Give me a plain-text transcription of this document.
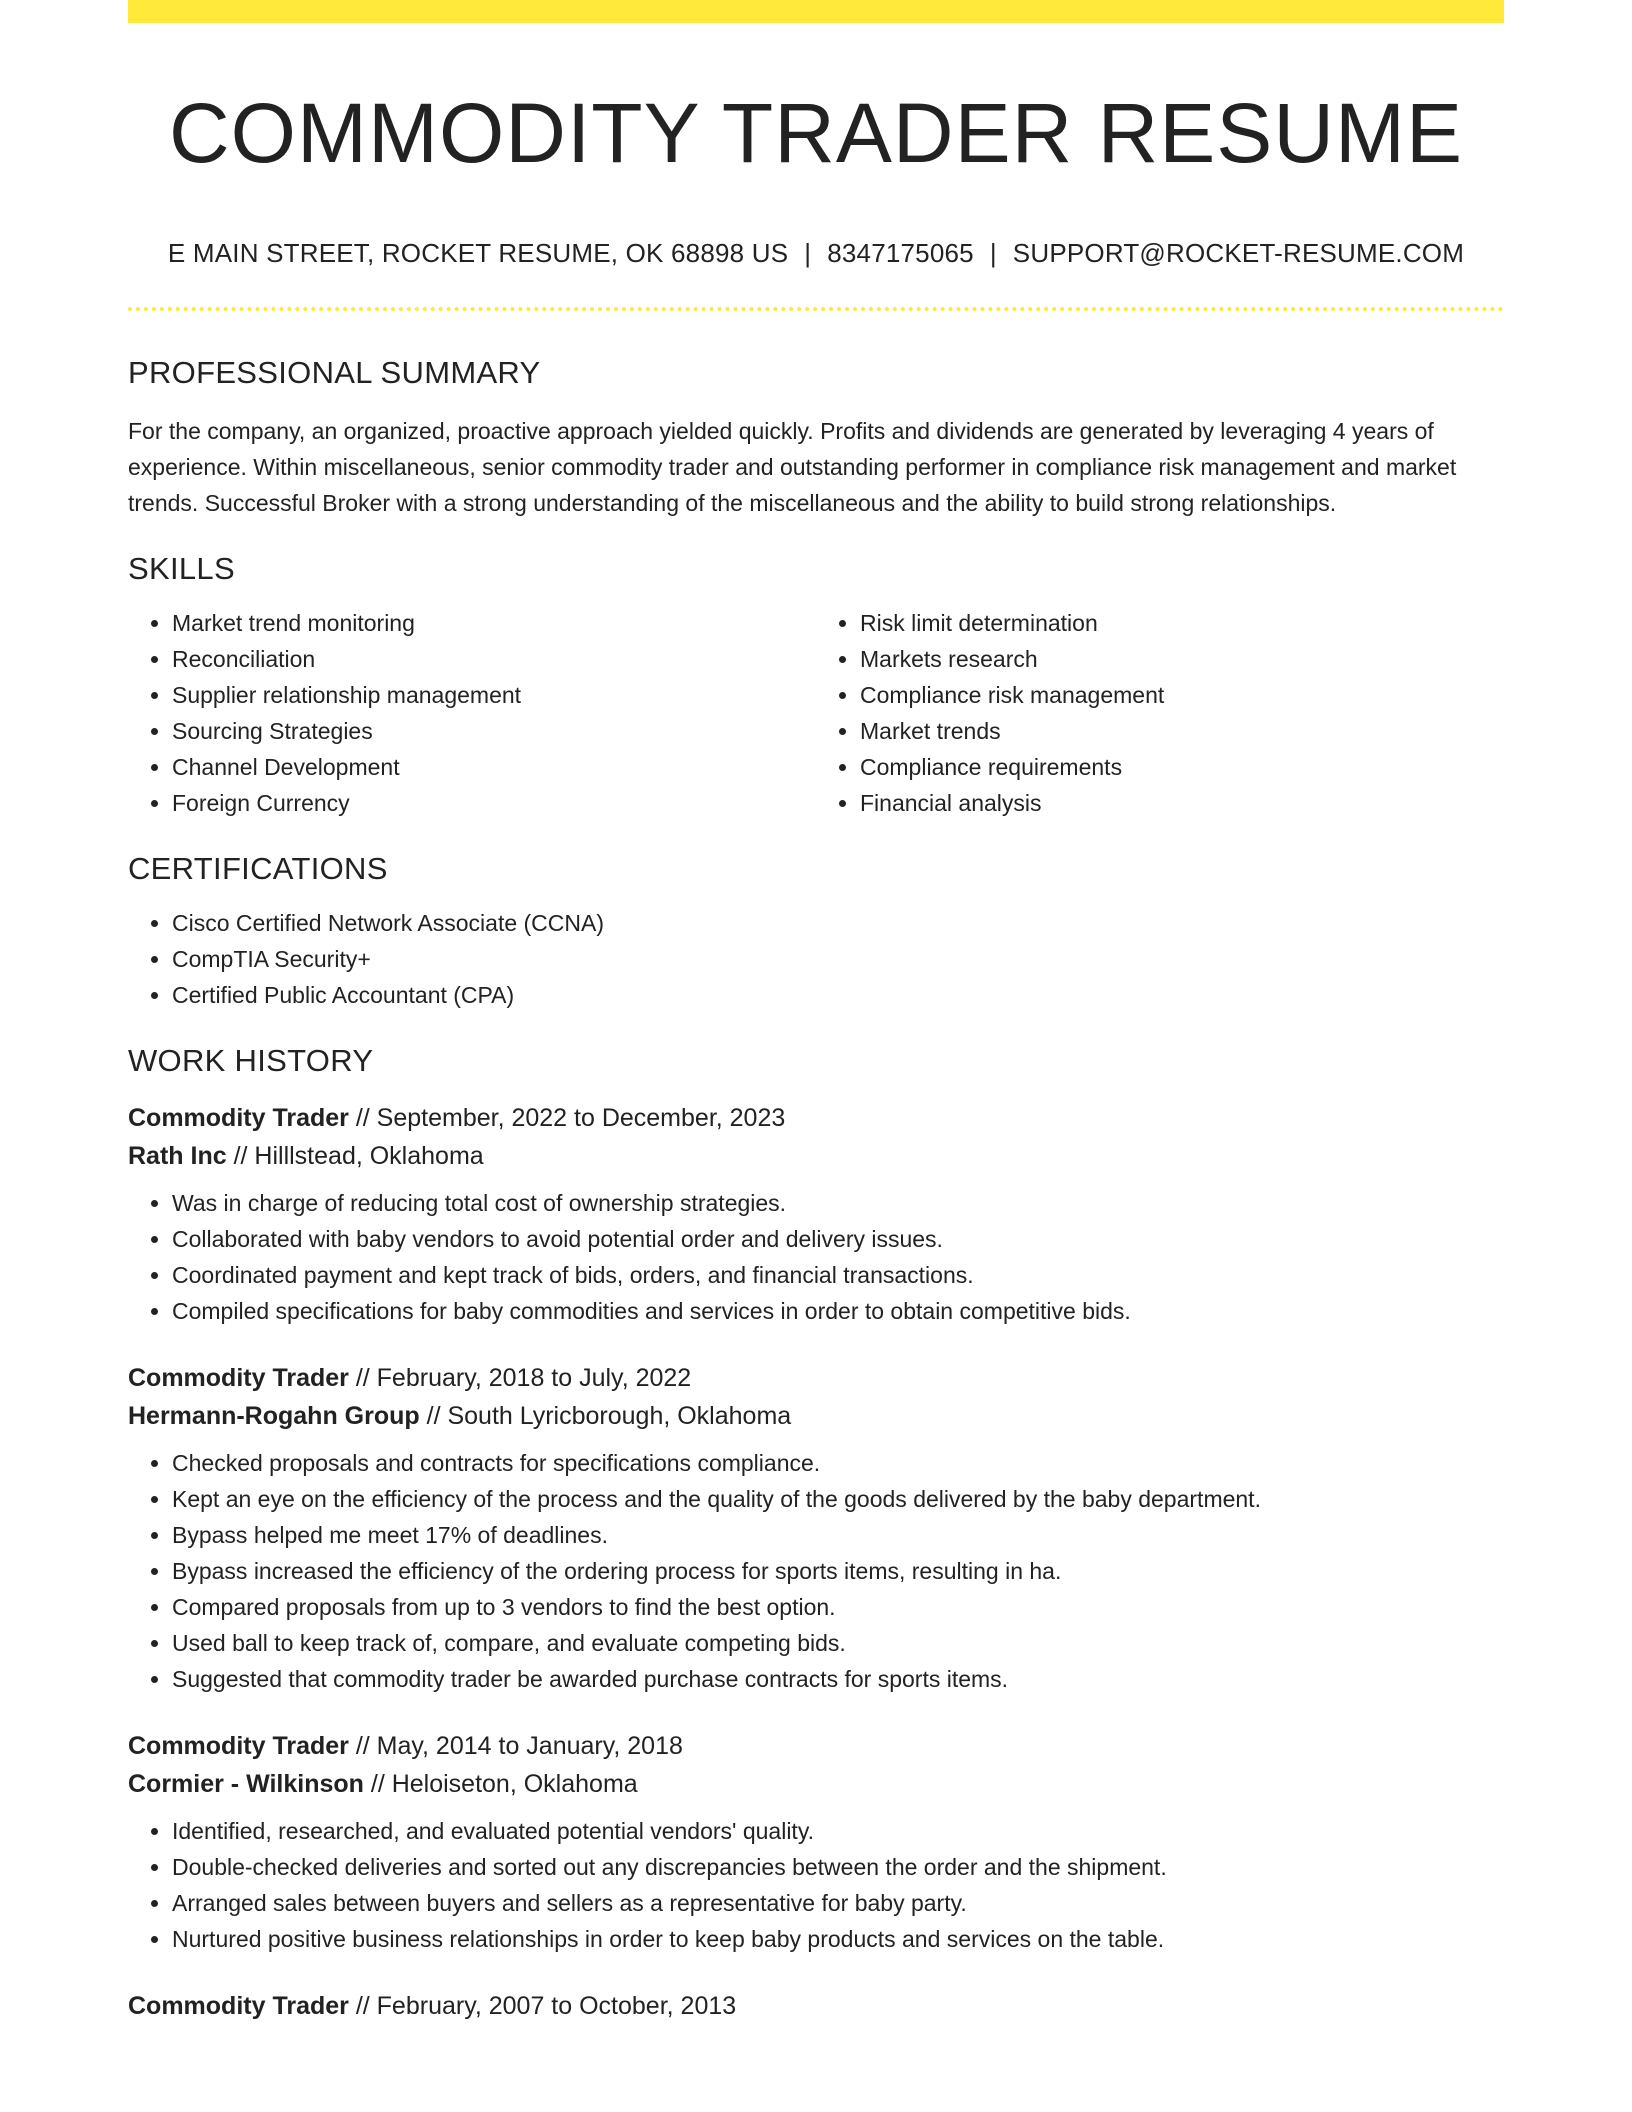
COMMODITY TRADER RESUME
E MAIN STREET, ROCKET RESUME, OK 68898 US | 8347175065 | SUPPORT@ROCKET-RESUME.COM
PROFESSIONAL SUMMARY

For the company, an organized, proactive approach yielded quickly. Profits and dividends are generated by leveraging 4 years of experience. Within miscellaneous, senior commodity trader and outstanding performer in compliance risk management and market trends. Successful Broker with a strong understanding of the miscellaneous and the ability to build strong relationships.

SKILLS
• Market trend monitoring
• Reconciliation
• Supplier relationship management
• Sourcing Strategies
• Channel Development
• Foreign Currency
• Risk limit determination
• Markets research
• Compliance risk management
• Market trends
• Compliance requirements
• Financial analysis
CERTIFICATIONS
• Cisco Certified Network Associate (CCNA)
• CompTIA Security+
• Certified Public Accountant (CPA)
WORK HISTORY
Commodity Trader // September, 2022 to December, 2023
Rath Inc // Hilllstead, Oklahoma
• Was in charge of reducing total cost of ownership strategies.
• Collaborated with baby vendors to avoid potential order and delivery issues.
• Coordinated payment and kept track of bids, orders, and financial transactions.
• Compiled specifications for baby commodities and services in order to obtain competitive bids.
Commodity Trader // February, 2018 to July, 2022
Hermann-Rogahn Group // South Lyricborough, Oklahoma
• Checked proposals and contracts for specifications compliance.
• Kept an eye on the efficiency of the process and the quality of the goods delivered by the baby department.
• Bypass helped me meet 17% of deadlines.
• Bypass increased the efficiency of the ordering process for sports items, resulting in ha.
• Compared proposals from up to 3 vendors to find the best option.
• Used ball to keep track of, compare, and evaluate competing bids.
• Suggested that commodity trader be awarded purchase contracts for sports items.
Commodity Trader // May, 2014 to January, 2018
Cormier - Wilkinson // Heloiseton, Oklahoma
• Identified, researched, and evaluated potential vendors' quality.
• Double-checked deliveries and sorted out any discrepancies between the order and the shipment.
• Arranged sales between buyers and sellers as a representative for baby party.
• Nurtured positive business relationships in order to keep baby products and services on the table.
Commodity Trader // February, 2007 to October, 2013
